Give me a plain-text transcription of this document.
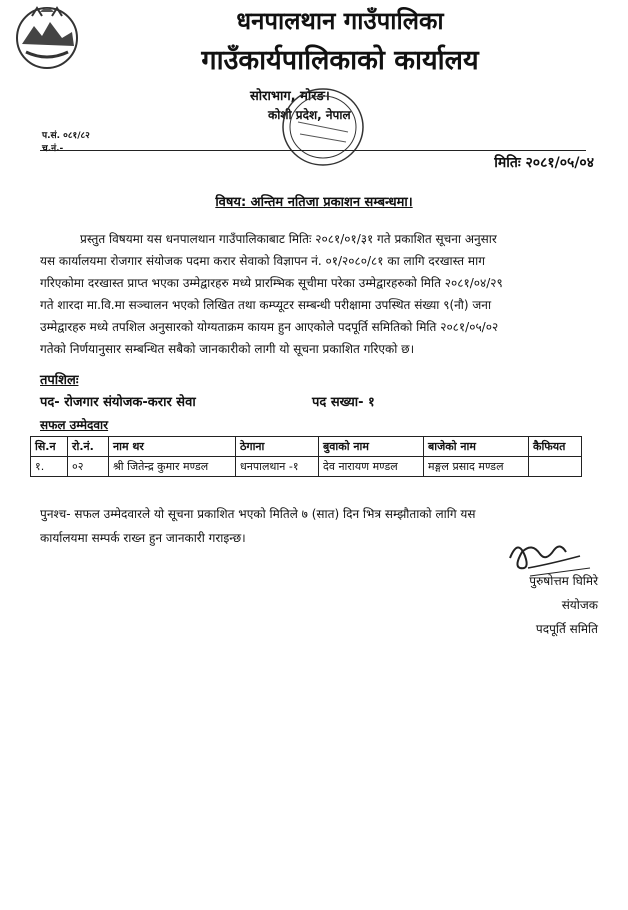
धनपालथान गाउँपालिका
गाउँकार्यपालिकाको कार्यालय
सोराभाग, मोरङ।
कोशी प्रदेश, नेपाल
प.सं. ०८१/८२
च.नं.-
मितिः २०८१/०५/०४
विषय: अन्तिम नतिजा प्रकाशन सम्बन्धमा।
प्रस्तुत विषयमा यस धनपालथान गाउँपालिकाबाट मितिः २०८१/०१/३१ गते प्रकाशित सूचना अनुसार
यस कार्यालयमा रोजगार संयोजक पदमा करार सेवाको विज्ञापन नं. ०१/२०८०/८१ का लागि दरखास्त माग
गरिएकोमा दरखास्त प्राप्त भएका उम्मेद्वारहरु मध्ये प्रारम्भिक सूचीमा परेका उम्मेद्वारहरुको मिति २०८१/०४/२९
गते शारदा मा.वि.मा सञ्चालन भएको लिखित तथा कम्प्यूटर सम्बन्धी परीक्षामा उपस्थित संख्या ९(नौ) जना
उम्मेद्वारहरु मध्ये तपशिल अनुसारको योग्यताक्रम कायम हुन आएकोले पदपूर्ति समितिको मिति २०८१/०५/०२
गतेको निर्णयानुसार सम्बन्धित सबैको जानकारीको लागी यो सूचना प्रकाशित गरिएको छ।
तपशिलः
पद- रोजगार संयोजक-करार सेवा	पद सख्या- १
सफल उम्मेदवार
सि.न	रो.नं.	नाम थर	ठेगाना	बुवाको नाम	बाजेको नाम	कैफियत
१.	०२	श्री जितेन्द्र कुमार मण्डल	धनपालथान -१	देव नारायण मण्डल	मङ्गल प्रसाद मण्डल	
पुनश्च- सफल उम्मेदवारले यो सूचना प्रकाशित भएको मितिले ७ (सात) दिन भित्र सम्झौताको लागि यस
कार्यालयमा सम्पर्क राख्न हुन जानकारी गराइन्छ।
पुरुषोत्तम घिमिरे
संयोजक
पदपूर्ति समिति
